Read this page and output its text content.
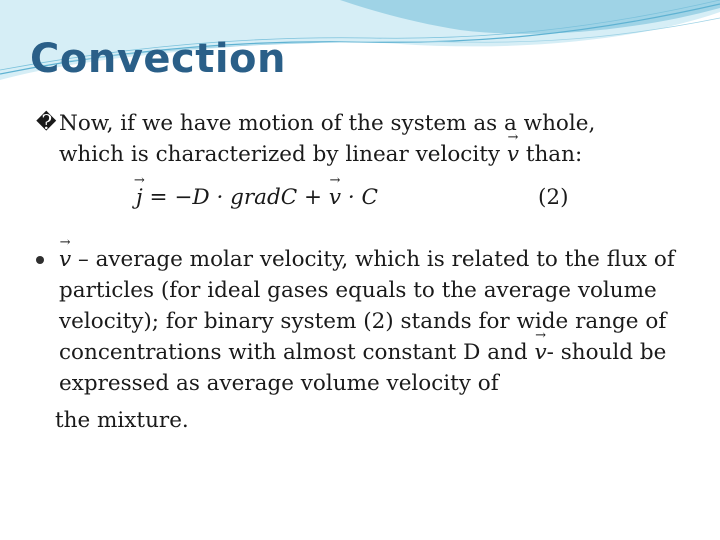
Convection
� Now, if we have motion of the system as a whole,
which is characterized by linear velocity → v than:
→ j = −D · gradC + → v · C	(2)
→ v – average molar velocity, which is related to the flux of particles (for ideal gases equals to the average volume velocity); for binary system (2) stands for wide range of concentrations with almost constant D and → v- should be expressed as average volume velocity of
the mixture.
